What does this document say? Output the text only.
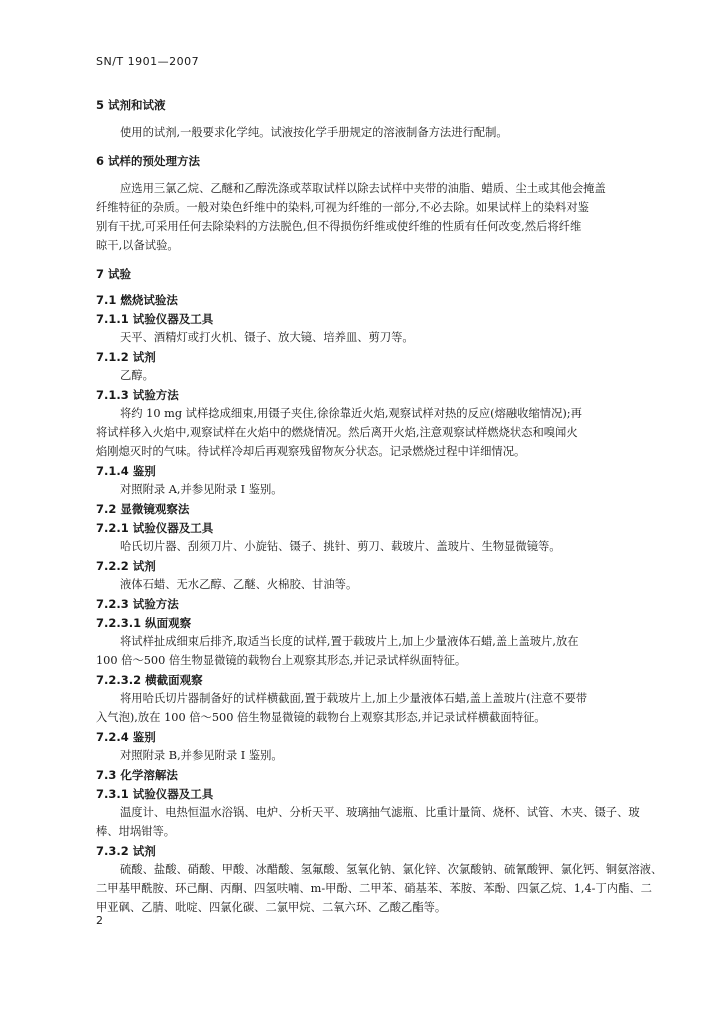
SN/T 1901—2007
5 试剂和试液
使用的试剂,一般要求化学纯。试液按化学手册规定的溶液制备方法进行配制。
6 试样的预处理方法
应选用三氯乙烷、乙醚和乙醇洗涤或萃取试样以除去试样中夹带的油脂、蜡质、尘土或其他会掩盖
纤维特征的杂质。一般对染色纤维中的染料,可视为纤维的一部分,不必去除。如果试样上的染料对鉴
别有干扰,可采用任何去除染料的方法脱色,但不得损伤纤维或使纤维的性质有任何改变,然后将纤维
晾干,以备试验。
7 试验
7.1 燃烧试验法
7.1.1 试验仪器及工具
天平、酒精灯或打火机、镊子、放大镜、培养皿、剪刀等。
7.1.2 试剂
乙醇。
7.1.3 试验方法
将约 10 mg 试样捻成细束,用镊子夹住,徐徐靠近火焰,观察试样对热的反应(熔融收缩情况);再
将试样移入火焰中,观察试样在火焰中的燃烧情况。然后离开火焰,注意观察试样燃烧状态和嗅闻火
焰刚熄灭时的气味。待试样冷却后再观察残留物灰分状态。记录燃烧过程中详细情况。
7.1.4 鉴别
对照附录 A,并参见附录 I 鉴别。
7.2 显微镜观察法
7.2.1 试验仪器及工具
哈氏切片器、刮须刀片、小旋钻、镊子、挑针、剪刀、载玻片、盖玻片、生物显微镜等。
7.2.2 试剂
液体石蜡、无水乙醇、乙醚、火棉胶、甘油等。
7.2.3 试验方法
7.2.3.1 纵面观察
将试样扯成细束后排齐,取适当长度的试样,置于载玻片上,加上少量液体石蜡,盖上盖玻片,放在
100 倍～500 倍生物显微镜的载物台上观察其形态,并记录试样纵面特征。
7.2.3.2 横截面观察
将用哈氏切片器制备好的试样横截面,置于载玻片上,加上少量液体石蜡,盖上盖玻片(注意不要带
入气泡),放在 100 倍～500 倍生物显微镜的载物台上观察其形态,并记录试样横截面特征。
7.2.4 鉴别
对照附录 B,并参见附录 I 鉴别。
7.3 化学溶解法
7.3.1 试验仪器及工具
温度计、电热恒温水浴锅、电炉、分析天平、玻璃抽气滤瓶、比重计量筒、烧杯、试管、木夹、镊子、玻
棒、坩埚钳等。
7.3.2 试剂
硫酸、盐酸、硝酸、甲酸、冰醋酸、氢氟酸、氢氧化钠、氯化锌、次氯酸钠、硫氰酸钾、氯化钙、铜氨溶液、
二甲基甲酰胺、环己酮、丙酮、四氢呋喃、m-甲酚、二甲苯、硝基苯、苯胺、苯酚、四氯乙烷、1,4-丁内酯、二
甲亚砜、乙腈、吡啶、四氯化碳、二氯甲烷、二氧六环、乙酸乙酯等。
2
